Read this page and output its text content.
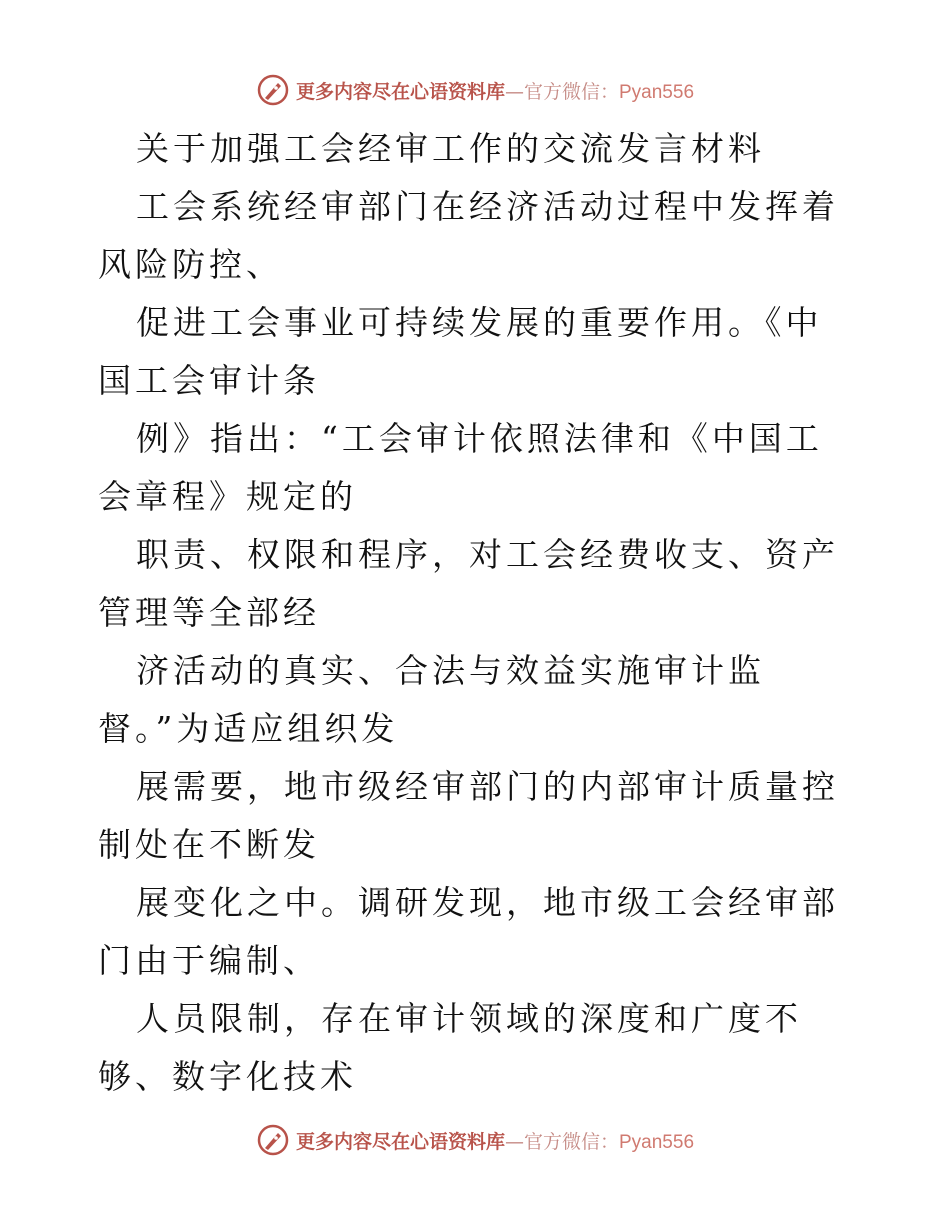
更多内容尽在心语资料库—官方微信：Pyan556

关于加强工会经审工作的交流发言材料

工会系统经审部门在经济活动过程中发挥着风险防控、

促进工会事业可持续发展的重要作用。《中国工会审计条

例》指出：“工会审计依照法律和《中国工会章程》规定的

职责、权限和程序，对工会经费收支、资产管理等全部经

济活动的真实、合法与效益实施审计监督。”为适应组织发

展需要，地市级经审部门的内部审计质量控制处在不断发

展变化之中。调研发现，地市级工会经审部门由于编制、

人员限制，存在审计领域的深度和广度不够、数字化技术

更多内容尽在心语资料库—官方微信：Pyan556
